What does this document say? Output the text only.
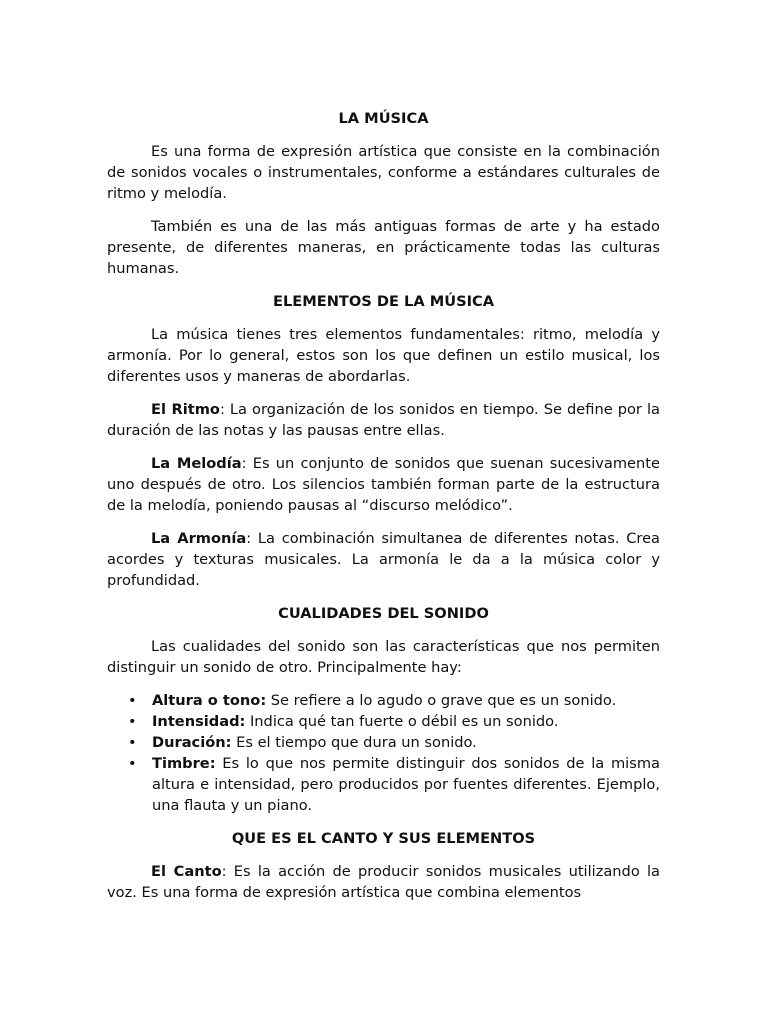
LA MÚSICA

Es una forma de expresión artística que consiste en la combinación de sonidos vocales o instrumentales, conforme a estándares culturales de ritmo y melodía.

También es una de las más antiguas formas de arte y ha estado presente, de diferentes maneras, en prácticamente todas las culturas humanas.

ELEMENTOS DE LA MÚSICA

La música tienes tres elementos fundamentales: ritmo, melodía y armonía. Por lo general, estos son los que definen un estilo musical, los diferentes usos y maneras de abordarlas.

El Ritmo: La organización de los sonidos en tiempo. Se define por la duración de las notas y las pausas entre ellas.

La Melodía: Es un conjunto de sonidos que suenan sucesivamente uno después de otro. Los silencios también forman parte de la estructura de la melodía, poniendo pausas al “discurso melódico”.

La Armonía: La combinación simultanea de diferentes notas. Crea acordes y texturas musicales. La armonía le da a la música color y profundidad.

CUALIDADES DEL SONIDO

Las cualidades del sonido son las características que nos permiten distinguir un sonido de otro. Principalmente hay:

• Altura o tono: Se refiere a lo agudo o grave que es un sonido.
• Intensidad: Indica qué tan fuerte o débil es un sonido.
• Duración: Es el tiempo que dura un sonido.
• Timbre: Es lo que nos permite distinguir dos sonidos de la misma altura e intensidad, pero producidos por fuentes diferentes. Ejemplo, una flauta y un piano.
QUE ES EL CANTO Y SUS ELEMENTOS

El Canto: Es la acción de producir sonidos musicales utilizando la voz. Es una forma de expresión artística que combina elementos
